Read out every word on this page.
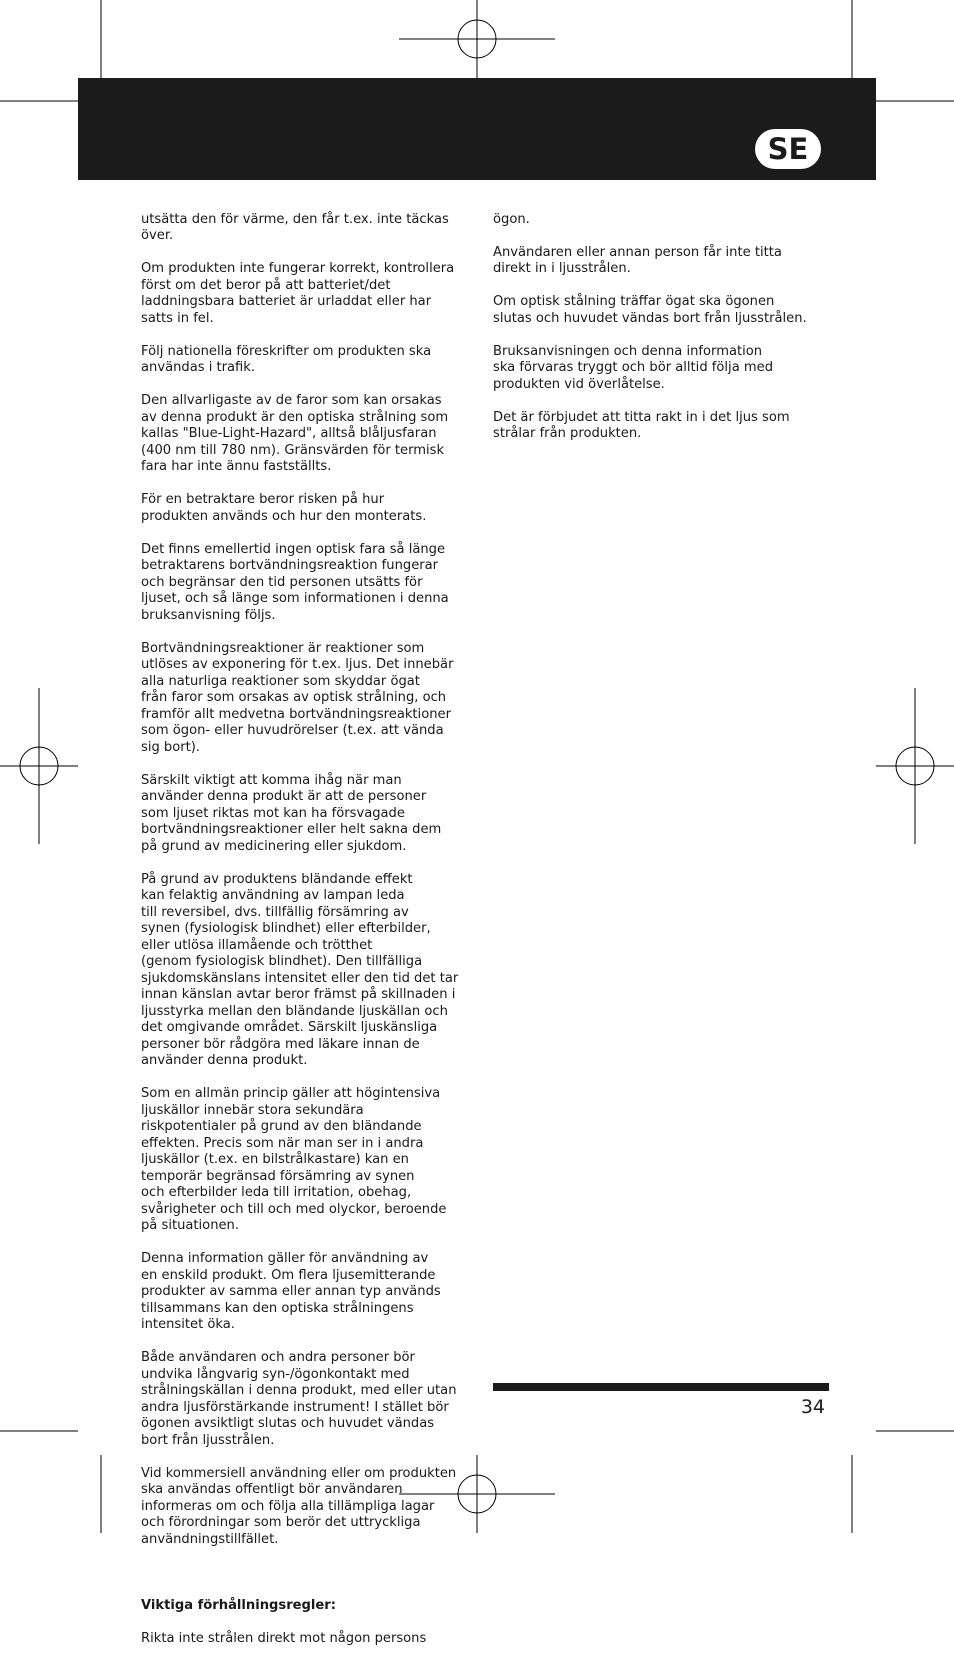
SE

utsätta den för värme, den får t.ex. inte täckas
över.

Om produkten inte fungerar korrekt, kontrollera
först om det beror på att batteriet/det
laddningsbara batteriet är urladdat eller har
satts in fel.

Följ nationella föreskrifter om produkten ska
användas i trafik.

Den allvarligaste av de faror som kan orsakas
av denna produkt är den optiska strålning som
kallas "Blue-Light-Hazard", alltså blåljusfaran
(400 nm till 780 nm). Gränsvärden för termisk
fara har inte ännu fastställts.

För en betraktare beror risken på hur
produkten används och hur den monterats.

Det finns emellertid ingen optisk fara så länge
betraktarens bortvändningsreaktion fungerar
och begränsar den tid personen utsätts för
ljuset, och så länge som informationen i denna
bruksanvisning följs.

Bortvändningsreaktioner är reaktioner som
utlöses av exponering för t.ex. ljus. Det innebär
alla naturliga reaktioner som skyddar ögat
från faror som orsakas av optisk strålning, och
framför allt medvetna bortvändningsreaktioner
som ögon- eller huvudrörelser (t.ex. att vända
sig bort).

Särskilt viktigt att komma ihåg när man
använder denna produkt är att de personer
som ljuset riktas mot kan ha försvagade
bortvändningsreaktioner eller helt sakna dem
på grund av medicinering eller sjukdom.

På grund av produktens bländande effekt
kan felaktig användning av lampan leda
till reversibel, dvs. tillfällig försämring av
synen (fysiologisk blindhet) eller efterbilder,
eller utlösa illamående och trötthet
(genom fysiologisk blindhet). Den tillfälliga
sjukdomskänslans intensitet eller den tid det tar
innan känslan avtar beror främst på skillnaden i
ljusstyrka mellan den bländande ljuskällan och
det omgivande området. Särskilt ljuskänsliga
personer bör rådgöra med läkare innan de
använder denna produkt.

Som en allmän princip gäller att högintensiva
ljuskällor innebär stora sekundära
riskpotentialer på grund av den bländande
effekten. Precis som när man ser in i andra
ljuskällor (t.ex. en bilstrålkastare) kan en
temporär begränsad försämring av synen
och efterbilder leda till irritation, obehag,
svårigheter och till och med olyckor, beroende
på situationen.

Denna information gäller för användning av
en enskild produkt. Om flera ljusemitterande
produkter av samma eller annan typ används
tillsammans kan den optiska strålningens
intensitet öka.

Både användaren och andra personer bör
undvika långvarig syn-/ögonkontakt med
strålningskällan i denna produkt, med eller utan
andra ljusförstärkande instrument! I stället bör
ögonen avsiktligt slutas och huvudet vändas
bort från ljusstrålen.

Vid kommersiell användning eller om produkten
ska användas offentligt bör användaren
informeras om och följa alla tillämpliga lagar
och förordningar som berör det uttryckliga
användningstillfället.

Viktiga förhållningsregler:

Rikta inte strålen direkt mot någon persons

ögon.

Användaren eller annan person får inte titta
direkt in i ljusstrålen.

Om optisk stålning träffar ögat ska ögonen
slutas och huvudet vändas bort från ljusstrålen.

Bruksanvisningen och denna information
ska förvaras tryggt och bör alltid följa med
produkten vid överlåtelse.

Det är förbjudet att titta rakt in i det ljus som
strålar från produkten.

34
